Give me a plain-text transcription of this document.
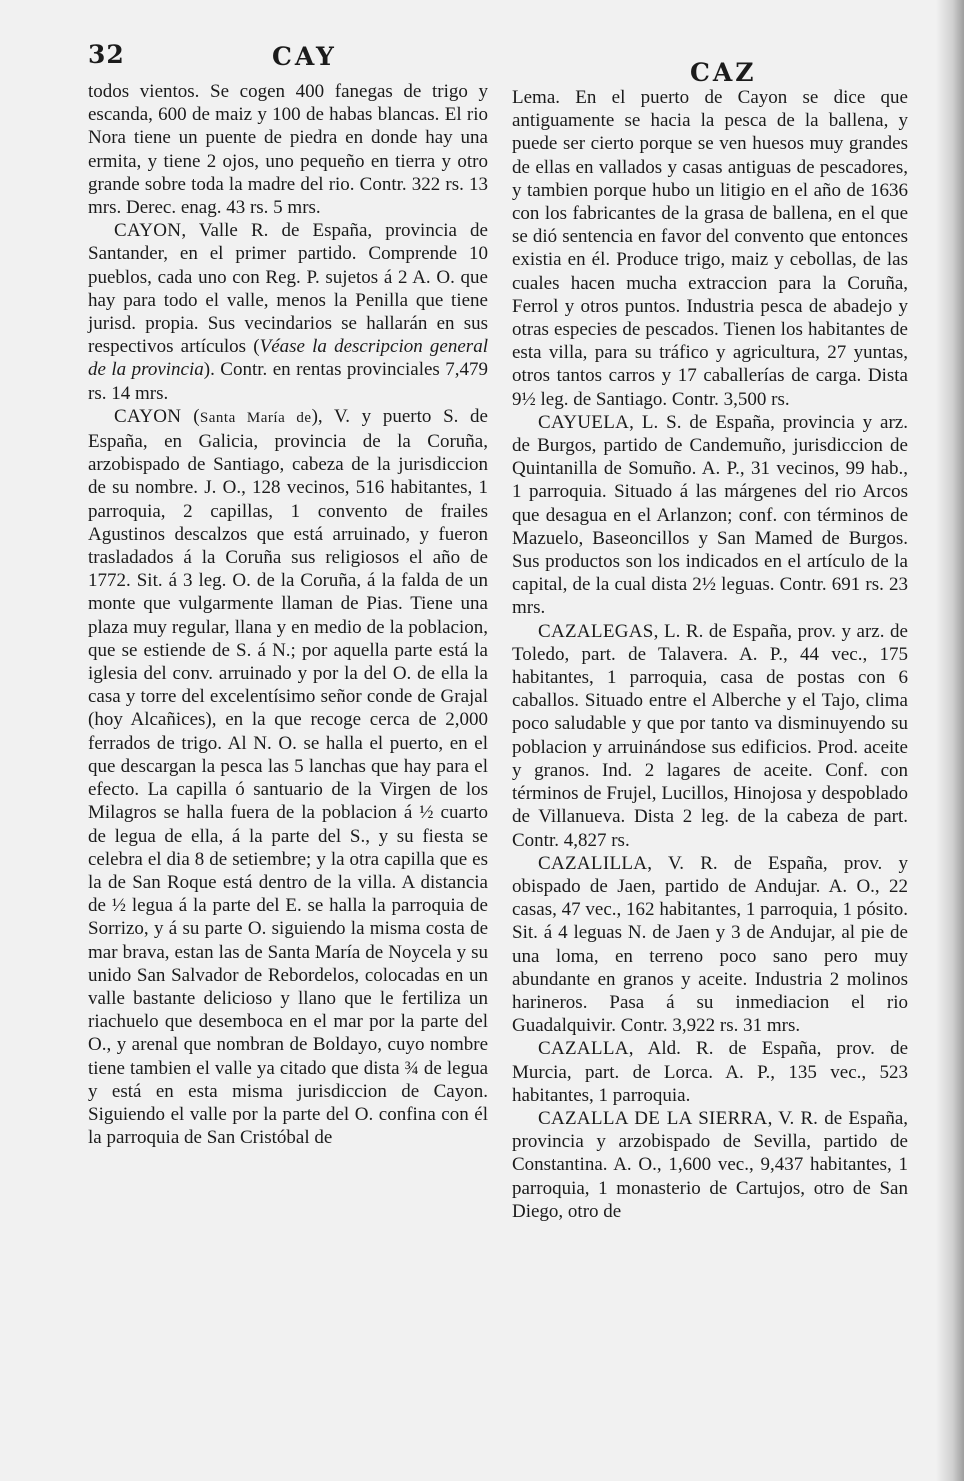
32	CAY
CAZ

todos vientos. Se cogen 400 fanegas de trigo y escanda, 600 de maiz y 100 de habas blancas. El rio Nora tiene un puente de piedra en donde hay una ermita, y tiene 2 ojos, uno pequeño en tierra y otro grande sobre toda la madre del rio. Contr. 322 rs. 13 mrs. Derec. enag. 43 rs. 5 mrs.

CAYON, Valle R. de España, provincia de Santander, en el primer partido. Comprende 10 pueblos, cada uno con Reg. P. sujetos á 2 A. O. que hay para todo el valle, menos la Penilla que tiene jurisd. propia. Sus vecindarios se hallarán en sus respectivos artículos (Véase la descripcion general de la provincia). Contr. en rentas provinciales 7,479 rs. 14 mrs.

CAYON (Santa María de), V. y puerto S. de España, en Galicia, provincia de la Coruña, arzobispado de Santiago, cabeza de la jurisdiccion de su nombre. J. O., 128 vecinos, 516 habitantes, 1 parroquia, 2 capillas, 1 convento de frailes Agustinos descalzos que está arruinado, y fueron trasladados á la Coruña sus religiosos el año de 1772. Sit. á 3 leg. O. de la Coruña, á la falda de un monte que vulgarmente llaman de Pias. Tiene una plaza muy regular, llana y en medio de la poblacion, que se estiende de S. á N.; por aquella parte está la iglesia del conv. arruinado y por la del O. de ella la casa y torre del excelentísimo señor conde de Grajal (hoy Alcañices), en la que recoge cerca de 2,000 ferrados de trigo. Al N. O. se halla el puerto, en el que descargan la pesca las 5 lanchas que hay para el efecto. La capilla ó santuario de la Virgen de los Milagros se halla fuera de la poblacion á ½ cuarto de legua de ella, á la parte del S., y su fiesta se celebra el dia 8 de setiembre; y la otra capilla que es la de San Roque está dentro de la villa. A distancia de ½ legua á la parte del E. se halla la parroquia de Sorrizo, y á su parte O. siguiendo la misma costa de mar brava, estan las de Santa María de Noycela y su unido San Salvador de Rebordelos, colocadas en un valle bastante delicioso y llano que le fertiliza un riachuelo que desemboca en el mar por la parte del O., y arenal que nombran de Boldayo, cuyo nombre tiene tambien el valle ya citado que dista ¾ de legua y está en esta misma jurisdiccion de Cayon. Siguiendo el valle por la parte del O. confina con él la parroquia de San Cristóbal de

Lema. En el puerto de Cayon se dice que antiguamente se hacia la pesca de la ballena, y puede ser cierto porque se ven huesos muy grandes de ellas en vallados y casas antiguas de pescadores, y tambien porque hubo un litigio en el año de 1636 con los fabricantes de la grasa de ballena, en el que se dió sentencia en favor del convento que entonces existia en él. Produce trigo, maiz y cebollas, de las cuales hacen mucha extraccion para la Coruña, Ferrol y otros puntos. Industria pesca de abadejo y otras especies de pescados. Tienen los habitantes de esta villa, para su tráfico y agricultura, 27 yuntas, otros tantos carros y 17 caballerías de carga. Dista 9½ leg. de Santiago. Contr. 3,500 rs.

CAYUELA, L. S. de España, provincia y arz. de Burgos, partido de Candemuño, jurisdiccion de Quintanilla de Somuño. A. P., 31 vecinos, 99 hab., 1 parroquia. Situado á las márgenes del rio Arcos que desagua en el Arlanzon; conf. con términos de Mazuelo, Baseoncillos y San Mamed de Burgos. Sus productos son los indicados en el artículo de la capital, de la cual dista 2½ leguas. Contr. 691 rs. 23 mrs.

CAZALEGAS, L. R. de España, prov. y arz. de Toledo, part. de Talavera. A. P., 44 vec., 175 habitantes, 1 parroquia, casa de postas con 6 caballos. Situado entre el Alberche y el Tajo, clima poco saludable y que por tanto va disminuyendo su poblacion y arruinándose sus edificios. Prod. aceite y granos. Ind. 2 lagares de aceite. Conf. con términos de Frujel, Lucillos, Hinojosa y despoblado de Villanueva. Dista 2 leg. de la cabeza de part. Contr. 4,827 rs.

CAZALILLA, V. R. de España, prov. y obispado de Jaen, partido de Andujar. A. O., 22 casas, 47 vec., 162 habitantes, 1 parroquia, 1 pósito. Sit. á 4 leguas N. de Jaen y 3 de Andujar, al pie de una loma, en terreno poco sano pero muy abundante en granos y aceite. Industria 2 molinos harineros. Pasa á su inmediacion el rio Guadalquivir. Contr. 3,922 rs. 31 mrs.

CAZALLA, Ald. R. de España, prov. de Murcia, part. de Lorca. A. P., 135 vec., 523 habitantes, 1 parroquia.

CAZALLA DE LA SIERRA, V. R. de España, provincia y arzobispado de Sevilla, partido de Constantina. A. O., 1,600 vec., 9,437 habitantes, 1 parroquia, 1 monasterio de Cartujos, otro de San Diego, otro de
